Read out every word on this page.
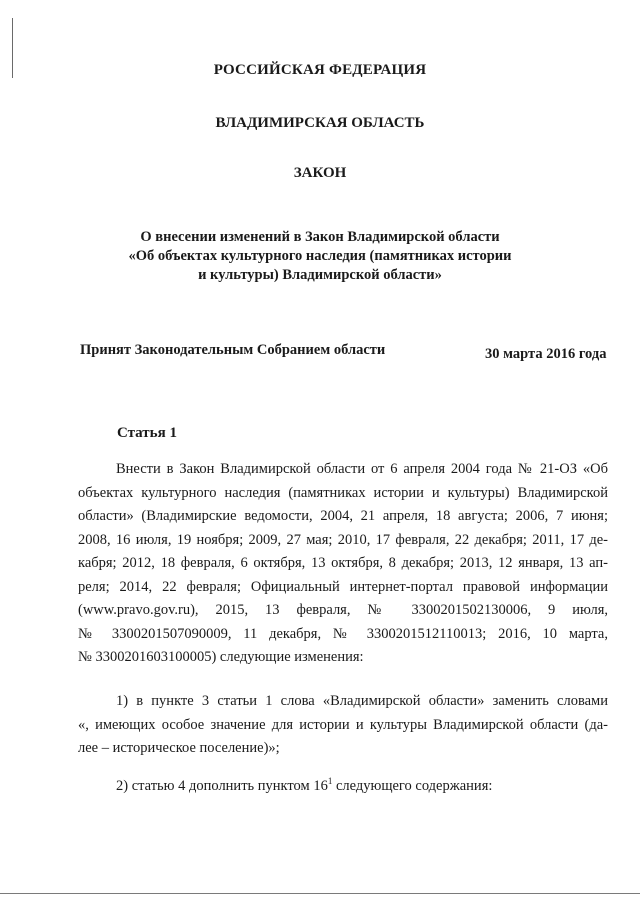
РОССИЙСКАЯ ФЕДЕРАЦИЯ
ВЛАДИМИРСКАЯ ОБЛАСТЬ
ЗАКОН
О внесении изменений в Закон Владимирской области
«Об объектах культурного наследия (памятниках истории
и культуры) Владимирской области»
Принят Законодательным Собранием области	30 марта 2016 года
Статья 1
Внести в Закон Владимирской области от 6 апреля 2004 года № 21-ОЗ «Об
объектах культурного наследия (памятниках истории и культуры) Владимирской
области» (Владимирские ведомости, 2004, 21 апреля, 18 августа; 2006, 7 июня;
2008, 16 июля, 19 ноября; 2009, 27 мая; 2010, 17 февраля, 22 декабря; 2011, 17 де-
кабря; 2012, 18 февраля, 6 октября, 13 октября, 8 декабря; 2013, 12 января, 13 ап-
реля; 2014, 22 февраля; Официальный интернет-портал правовой информации
(www.pravo.gov.ru), 2015, 13 февраля, № 3300201502130006, 9 июля,
№ 3300201507090009, 11 декабря, № 3300201512110013; 2016, 10 марта,
№ 3300201603100005) следующие изменения:
1) в пункте 3 статьи 1 слова «Владимирской области» заменить словами
«, имеющих особое значение для истории и культуры Владимирской области (да-
лее – историческое поселение)»;
2) статью 4 дополнить пунктом $16^1$ следующего содержания:
